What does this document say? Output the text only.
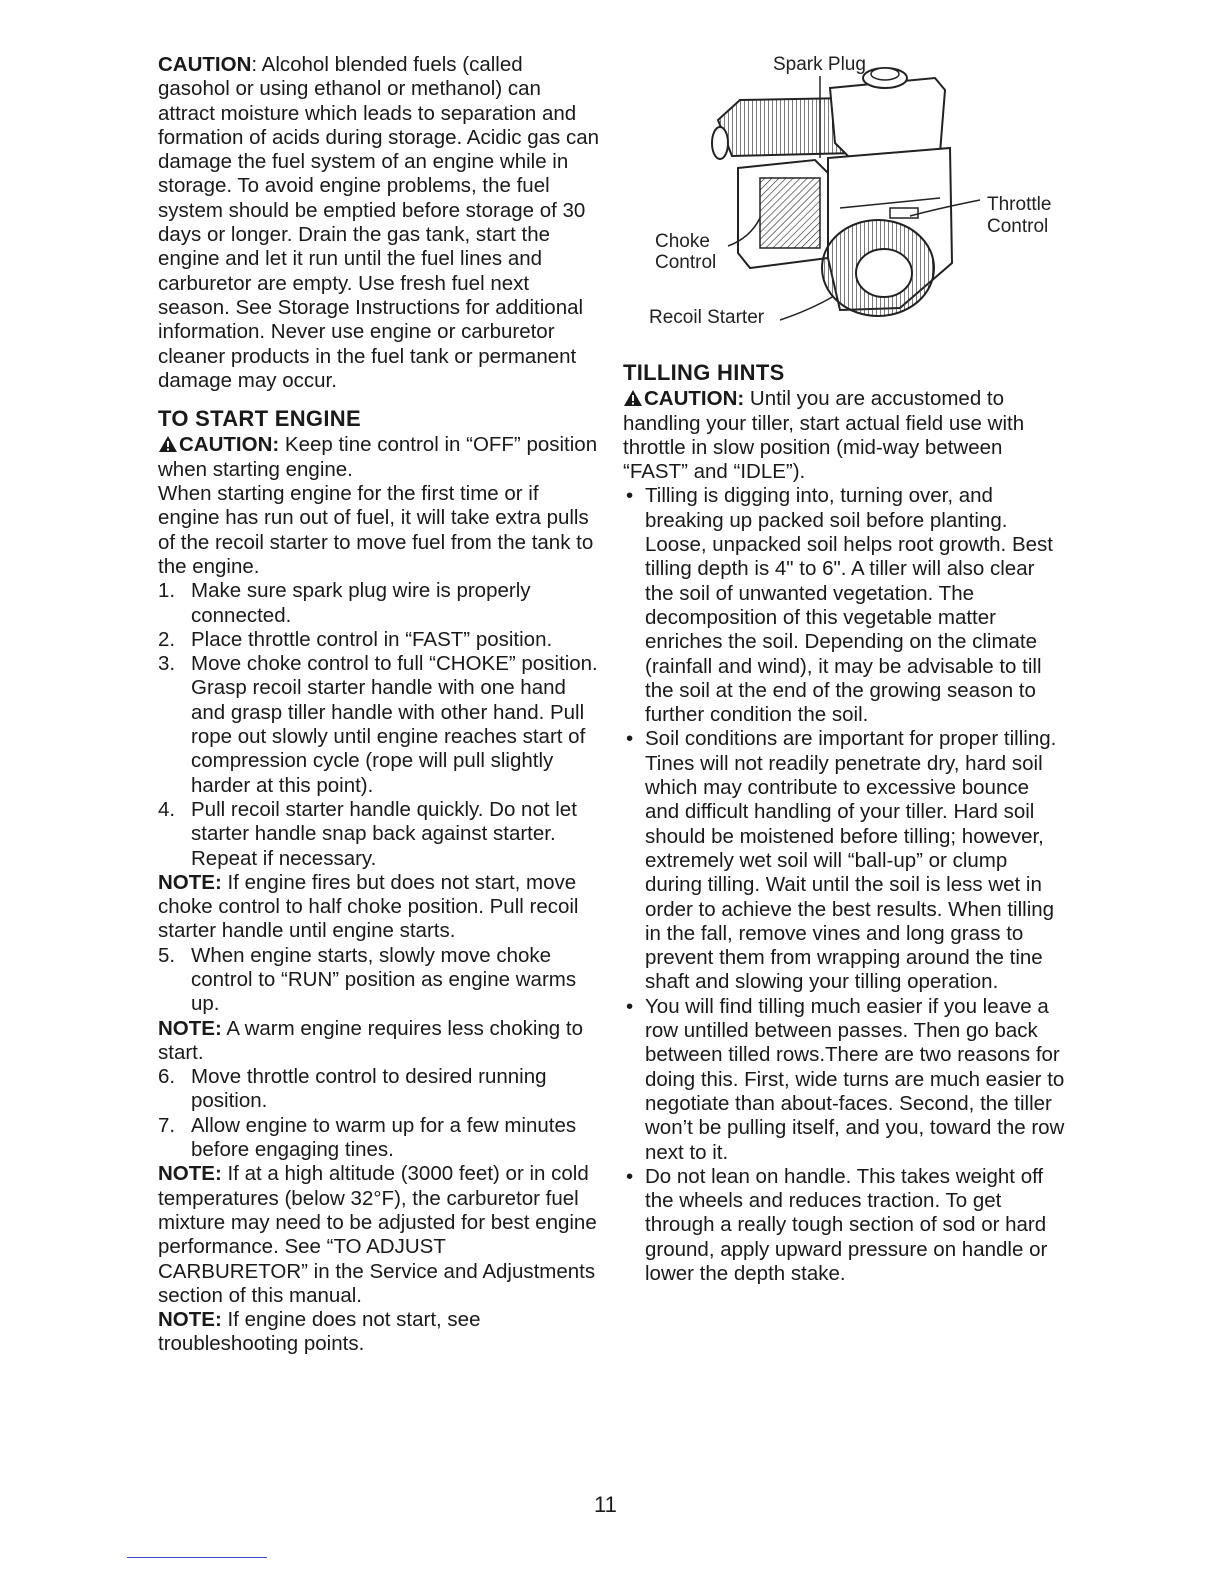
CAUTION: Alcohol blended fuels (called gasohol or using ethanol or methanol) can attract moisture which leads to separation and formation of acids during storage. Acidic gas can damage the fuel system of an engine while in storage. To avoid engine problems, the fuel system should be emptied before storage of 30 days or longer. Drain the gas tank, start the engine and let it run until the fuel lines and carburetor are empty. Use fresh fuel next season. See Storage Instructions for additional information. Never use engine or carburetor cleaner products in the fuel tank or permanent damage may occur.

TO START ENGINE

CAUTION: Keep tine control in “OFF” position when starting engine.

When starting engine for the first time or if engine has run out of fuel, it will take extra pulls of the recoil starter to move fuel from the tank to the engine.

1. Make sure spark plug wire is properly connected.
2. Place throttle control in “FAST” position.
3. Move choke control to full “CHOKE” position. Grasp recoil starter handle with one hand and grasp tiller handle with other hand. Pull rope out slowly until engine reaches start of compression cycle (rope will pull slightly harder at this point).
4. Pull recoil starter handle quickly. Do not let starter handle snap back against starter. Repeat if necessary.

NOTE: If engine fires but does not start, move choke control to half choke position. Pull recoil starter handle until engine starts.

5. When engine starts, slowly move choke control to “RUN” position as engine warms up.

NOTE: A warm engine requires less choking to start.

6. Move throttle control to desired running position.
7. Allow engine to warm up for a few minutes before engaging tines.

NOTE: If at a high altitude (3000 feet) or in cold temperatures (below 32°F), the carburetor fuel mixture may need to be adjusted for best engine performance. See “TO ADJUST CARBURETOR” in the Service and Adjustments section of this manual.

NOTE: If engine does not start, see troubleshooting points.

Spark Plug
Throttle
Control
Choke
Control
Recoil Starter
TILLING HINTS

CAUTION: Until you are accustomed to handling your tiller, start actual field use with throttle in slow position (mid-way between “FAST” and “IDLE”).

• Tilling is digging into, turning over, and breaking up packed soil before planting. Loose, unpacked soil helps root growth. Best tilling depth is 4" to 6". A tiller will also clear the soil of unwanted vegetation. The decomposition of this vegetable matter enriches the soil. Depending on the climate (rainfall and wind), it may be advisable to till the soil at the end of the growing season to further condition the soil.
• Soil conditions are important for proper tilling. Tines will not readily penetrate dry, hard soil which may contribute to excessive bounce and difficult handling of your tiller. Hard soil should be moistened before tilling; however, extremely wet soil will “ball-up” or clump during tilling. Wait until the soil is less wet in order to achieve the best results. When tilling in the fall, remove vines and long grass to prevent them from wrapping around the tine shaft and slowing your tilling operation.
• You will find tilling much easier if you leave a row untilled between passes. Then go back between tilled rows.There are two reasons for doing this. First, wide turns are much easier to negotiate than about-faces. Second, the tiller won’t be pulling itself, and you, toward the row next to it.
• Do not lean on handle. This takes weight off the wheels and reduces traction. To get through a really tough section of sod or hard ground, apply upward pressure on handle or lower the depth stake.
11
